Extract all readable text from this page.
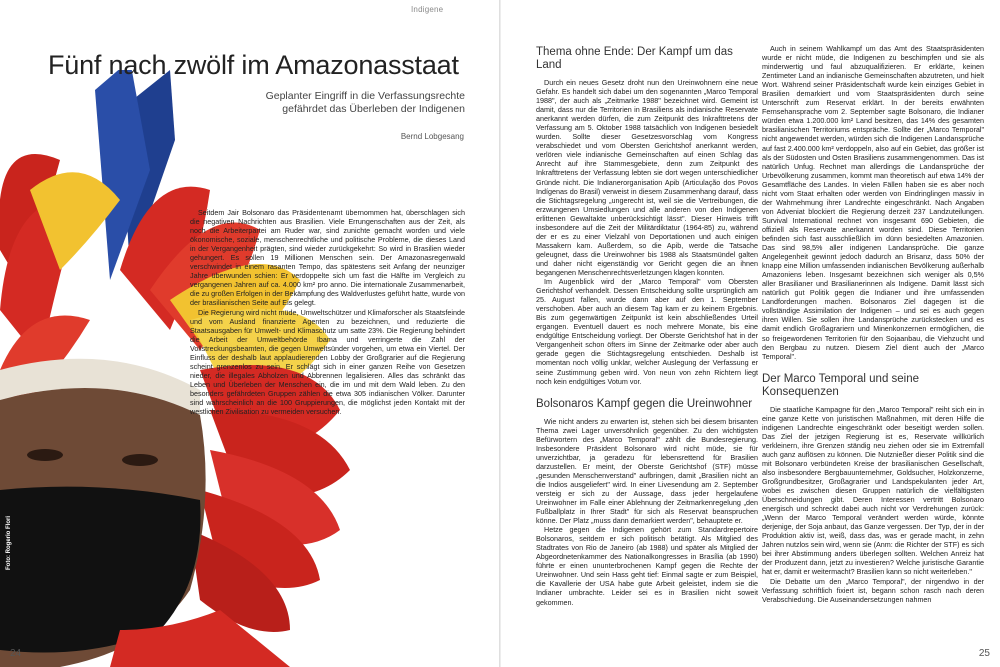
Indigene
Foto: Rogerio Flori
Fünf nach zwölf im Amazonasstaat
Geplanter Eingriff in die Verfassungsrechte gefährdet das Überleben der Indigenen
Bernd Lobgesang

Seitdem Jair Bolsonaro das Präsidentenamt übernommen hat, überschlagen sich die negativen Nachrichten aus Brasilien. Viele Errungenschaften aus der Zeit, als noch die Arbeiterpartei am Ruder war, sind zunichte gemacht worden und viele ökonomische, soziale, menschenrechtliche und politische Probleme, die dieses Land in der Vergangenheit prägten, sind wieder zurückgekehrt: So wird in Brasilien wieder gehungert. Es sollen 19 Millionen Menschen sein. Der Amazonasregenwald verschwindet in einem rasanten Tempo, das spätestens seit Anfang der neunziger Jahre überwunden schien: Er verdoppelte sich um fast die Hälfte im Vergleich zu vergangenen Jahren auf ca. 4.000 km² pro anno. Die internationale Zusammenarbeit, die zu großen Erfolgen in der Bekämpfung des Waldverlustes geführt hatte, wurde von der brasilianischen Seite auf Eis gelegt.

Die Regierung wird nicht müde, Umweltschützer und Klimaforscher als Staatsfeinde und vom Ausland finanzierte Agenten zu bezeichnen, und reduzierte die Staatsausgaben für Umwelt- und Klimaschutz um satte 23%. Die Regierung behindert die Arbeit der Umweltbehörde Ibama und verringerte die Zahl der Vollstreckungsbeamten, die gegen Umweltsünder vorgehen, um etwa ein Viertel. Der Einfluss der deshalb laut applaudierenden Lobby der Großgrarier auf die Regierung scheint grenzenlos zu sein. Er schlägt sich in einer ganzen Reihe von Gesetzen nieder, die illegales Abholzen und Abbrennen legalisieren. Alles das schränkt das Leben und Überleben der Menschen ein, die im und mit dem Wald leben. Zu den besonders gefährdeten Gruppen zählen die etwa 305 indianischen Völker. Darunter sind wahrscheinlich an die 100 Gruppierungen, die möglichst jeden Kontakt mit der westlichen Zivilisation zu vermeiden versuchen.

24
Thema ohne Ende: Der Kampf um das Land

Durch ein neues Gesetz droht nun den Ureinwohnern eine neue Gefahr. Es handelt sich dabei um den sogenannten „Marco Temporal 1988", der auch als „Zeitmarke 1988" bezeichnet wird. Gemeint ist damit, dass nur die Territorien in Brasiliens als indianische Reservate anerkannt werden dürfen, die zum Zeitpunkt des Inkrafttretens der Verfassung am 5. Oktober 1988 tatsächlich von Indigenen besiedelt wurden. Sollte dieser Gesetzesvorschlag vom Kongress verabschiedet und vom Obersten Gerichtshof anerkannt werden, verlören viele indianische Gemeinschaften auf einen Schlag das Anrecht auf ihre Stammesgebiete, denn zum Zeitpunkt des Inkrafttretens der Verfassung lebten sie dort wegen unterschiedlicher Gründe nicht. Die Indianerorganisation Apib (Articulação dos Povos Indígenas do Brasil) verweist in diesem Zusammenhang darauf, dass die Stichtagsregelung „ungerecht ist, weil sie die Vertreibungen, die erzwungenen Umsiedlungen und alle anderen von den Indigenen erlittenen Gewaltakte unberücksichtigt lässt". Dieser Hinweis trifft insbesondere auf die Zeit der Militärdiktatur (1964-85) zu, während der er es zu einer Vielzahl von Deportationen und auch einigen Massakern kam. Außerdem, so die Apib, werde die Tatsache geleugnet, dass die Ureinwohner bis 1988 als Staatsmündel galten und daher nicht eigenständig vor Gericht gegen die an ihnen begangenen Menschenrechtsverletzungen klagen konnten.

Im Augenblick wird der „Marco Temporal" vom Obersten Gerichtshof verhandelt. Dessen Entscheidung sollte ursprünglich am 25. August fallen, wurde dann aber auf den 1. September verschoben. Aber auch an diesem Tag kam er zu keinem Ergebnis. Bis zum gegenwärtigen Zeitpunkt ist kein abschließendes Urteil ergangen. Eventuell dauert es noch mehrere Monate, bis eine endgültige Entscheidung vorliegt. Der Oberste Gerichtshof hat in der Vergangenheit schon öfters im Sinne der Zeitmarke oder aber auch gerade gegen die Stichtagsregelung entschieden. Deshalb ist momentan noch völlig unklar, welcher Auslegung der Verfassung er seine Zustimmung geben wird. Von neun von zehn Richtern liegt noch kein endgültiges Votum vor.

Bolsonaros Kampf gegen die Ureinwohner

Wie nicht anders zu erwarten ist, stehen sich bei diesem brisanten Thema zwei Lager unversöhnlich gegenüber. Zu den wichtigsten Befürwortern des „Marco Temporal" zählt die Bundesregierung. Insbesondere Präsident Bolsonaro wird nicht müde, sie für unverzichtbar, ja geradezu für lebensrettend für Brasilien darzustellen. Er meint, der Oberste Gerichtshof (STF) müsse „gesunden Menschenverstand" aufbringen, damit „Brasilien nicht an die Indios ausgeliefert" wird. In einer Livesendung am 2. September versteig er sich zu der Aussage, dass jeder hergelaufene Ureinwohner im Falle einer Ablehnung der Zeitmarkenregelung „den Fußballplatz in Ihrer Stadt" für sich als Reservat beanspruchen könne. Der Platz „muss dann demarkiert werden", behauptete er.

Hetze gegen die Indigenen gehört zum Standardrepertoire Bolsonaros, seitdem er sich politisch betätigt. Als Mitglied des Stadtrates von Rio de Janeiro (ab 1988) und später als Mitglied der Abgeordnetenkammer des Nationalkongresses in Brasília (ab 1990) führte er einen ununterbrochenen Kampf gegen die Rechte der Ureinwohner. Und sein Hass geht tief: Einmal sagte er zum Beispiel, die Kavallerie der USA habe gute Arbeit geleistet, indem sie die Indianer umbrachte. Leider sei es in Brasilien nicht soweit gekommen.

Auch in seinem Wahlkampf um das Amt des Staatspräsidenten wurde er nicht müde, die Indigenen zu beschimpfen und sie als minderwertig und faul abzuqualifizieren. Er erklärte, keinen Zentimeter Land an indianische Gemeinschaften abzutreten, und hielt Wort. Während seiner Präsidentschaft wurde kein einziges Gebiet in Brasilien demarkiert und vom Staatspräsidenten durch seine Unterschrift zum Reservat erklärt. In der bereits erwähnten Fernsehansprache vom 2. September sagte Bolsonaro, die Indianer würden etwa 1.200.000 km² Land besitzen, das 14% des gesamten brasilianischen Territoriums entspräche. Sollte der „Marco Temporal" nicht angewendet werden, würden sich die Indigenen Landansprüche auf fast 2.400.000 km² verdoppeln, also auf ein Gebiet, das größer ist als der Südosten und Osten Brasiliens zusammengenommen. Das ist natürlich Unfug. Rechnet man allerdings die Landansprüche der Urbevölkerung zusammen, kommt man theoretisch auf etwa 14% der Gesamtfläche des Landes. In vielen Fällen haben sie es aber noch nicht vom Staat erhalten oder werden von Eindringlingen massiv in der Wahrnehmung ihrer Landrechte eingeschränkt. Nach Angaben von Adveniat blockiert die Regierung derzeit 237 Landzuteilungen. Survival International rechnet von insgesamt 690 Gebieten, die offiziell als Reservate anerkannt worden sind. Diese Territorien befinden sich fast ausschließlich im dünn besiedelten Amazonien. Das sind 98,5% aller indigenen Landansprüche. Die ganze Angelegenheit gewinnt jedoch dadurch an Brisanz, dass 50% der knapp eine Million umfassenden indianischen Bevölkerung außerhalb Amazoniens leben. Insgesamt bezeichnen sich weniger als 0,5% aller Brasilianer und Brasilianerinnen als Indigene. Damit lässt sich natürlich gut Politik gegen die Indianer und ihre umfassenden Landforderungen machen. Bolsonaros Ziel dagegen ist die vollständige Assimilation der Indigenen – und sei es auch gegen ihren Willen. Sie sollen ihre Landansprüche zurückstecken und es damit endlich Großagrariern und Minenkonzernen ermöglichen, die so freigewordenen Territorien für den Sojaanbau, die Viehzucht und den Bergbau zu nutzen. Diesem Ziel dient auch der „Marco Temporal".

Der Marco Temporal und seine Konsequenzen

Die staatliche Kampagne für den „Marco Temporal" reiht sich ein in eine ganze Kette von juristischen Maßnahmen, mit deren Hilfe die indigenen Landrechte eingeschränkt oder beseitigt werden sollen. Das Ziel der jetzigen Regierung ist es, Reservate willkürlich verkleinern, ihre Grenzen ständig neu ziehen oder sie im Extremfall auch ganz auflösen zu können. Die Nutznießer dieser Politik sind die mit Bolsonaro verbündeten Kreise der brasilianischen Gesellschaft, also insbesondere Bergbauunternehmer, Goldsucher, Holzkonzerne, Großgrundbesitzer, Großagrarier und Landspekulanten jeder Art, wobei es zwischen diesen Gruppen natürlich die vielfältigsten Überschneidungen gibt. Deren Interessen vertritt Bolsonaro energisch und schreckt dabei auch nicht vor Verdrehungen zurück: „Wenn der Marco Temporal verändert werden würde, könnte derjenige, der Soja anbaut, das Ganze vergessen. Der Typ, der in der Produktion aktiv ist, weiß, dass das, was er gerade macht, in zehn Jahren nutzlos sein wird, wenn sie (Anm: die Richter der STF) es sich bei ihrer Abstimmung anders überlegen sollten. Welchen Anreiz hat der Produzent dann, jetzt zu investieren? Welche juristische Garantie hat er, damit er weitermacht? Brasilien kann so nicht weiterleben."

Die Debatte um den „Marco Temporal", der nirgendwo in der Verfassung schriftlich fixiert ist, begann schon rasch nach deren Verabschiedung. Die Auseinandersetzungen nahmen

25
